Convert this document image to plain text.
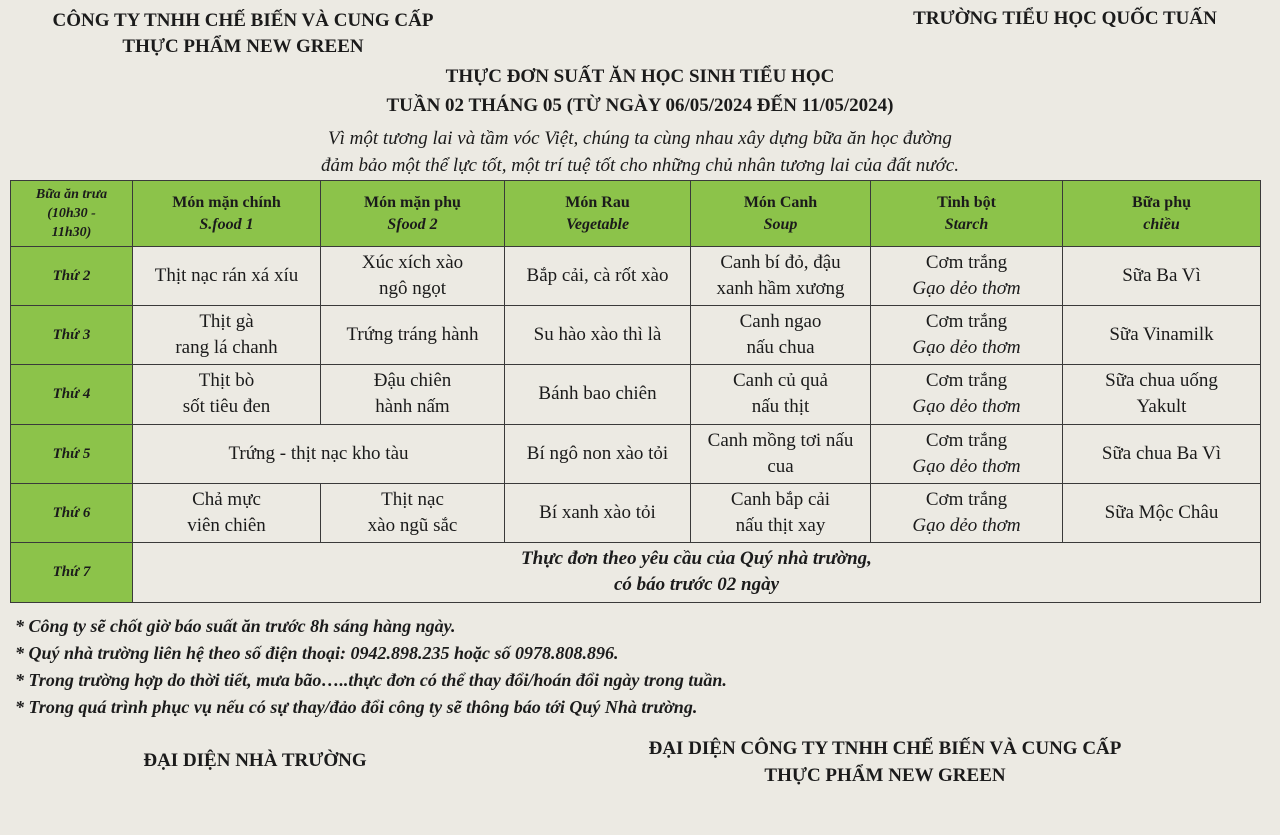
CÔNG TY TNHH CHẾ BIẾN VÀ CUNG CẤP
THỰC PHẨM NEW GREEN
TRƯỜNG TIỂU HỌC QUỐC TUẤN
THỰC ĐƠN SUẤT ĂN HỌC SINH TIỂU HỌC
TUẦN 02 THÁNG 05 (TỪ NGÀY 06/05/2024 ĐẾN 11/05/2024)
Vì một tương lai và tầm vóc Việt, chúng ta cùng nhau xây dựng bữa ăn học đường
đảm bảo một thể lực tốt, một trí tuệ tốt cho những chủ nhân tương lai của đất nước.
Bữa ăn trưa
(10h30 -
11h30)	Món mặn chính
S.food 1	Món mặn phụ
Sfood 2	Món Rau
Vegetable	Món Canh
Soup	Tinh bột
Starch	Bữa phụ
chiều

Thứ 2	Thịt nạc rán xá xíu	Xúc xích xào
ngô ngọt	Bắp cải, cà rốt xào	Canh bí đỏ, đậu
xanh hầm xương	Cơm trắng
Gạo dẻo thơm	Sữa Ba Vì

Thứ 3	Thịt gà
rang lá chanh	Trứng tráng hành	Su hào xào thì là	Canh ngao
nấu chua	Cơm trắng
Gạo dẻo thơm	Sữa Vinamilk

Thứ 4	Thịt bò
sốt tiêu đen	Đậu chiên
hành nấm	Bánh bao chiên	Canh củ quả
nấu thịt	Cơm trắng
Gạo dẻo thơm	Sữa chua uống
Yakult

Thứ 5	Trứng - thịt nạc kho tàu		Bí ngô non xào tỏi	Canh mồng tơi nấu
cua	Cơm trắng
Gạo dẻo thơm	Sữa chua Ba Vì

Thứ 6	Chả mực
viên chiên	Thịt nạc
xào ngũ sắc	Bí xanh xào tỏi	Canh bắp cải
nấu thịt xay	Cơm trắng
Gạo dẻo thơm	Sữa Mộc Châu

Thứ 7	Thực đơn theo yêu cầu của Quý nhà trường,
có báo trước 02 ngày					
* Công ty sẽ chốt giờ báo suất ăn trước 8h sáng hàng ngày.
* Quý nhà trường liên hệ theo số điện thoại: 0942.898.235 hoặc số 0978.808.896.
* Trong trường hợp do thời tiết, mưa bão…..thực đơn có thể thay đổi/hoán đổi ngày trong tuần.
* Trong quá trình phục vụ nếu có sự thay/đảo đổi công ty sẽ thông báo tới Quý Nhà trường.
ĐẠI DIỆN NHÀ TRƯỜNG
ĐẠI DIỆN CÔNG TY TNHH CHẾ BIẾN VÀ CUNG CẤP
THỰC PHẨM NEW GREEN
